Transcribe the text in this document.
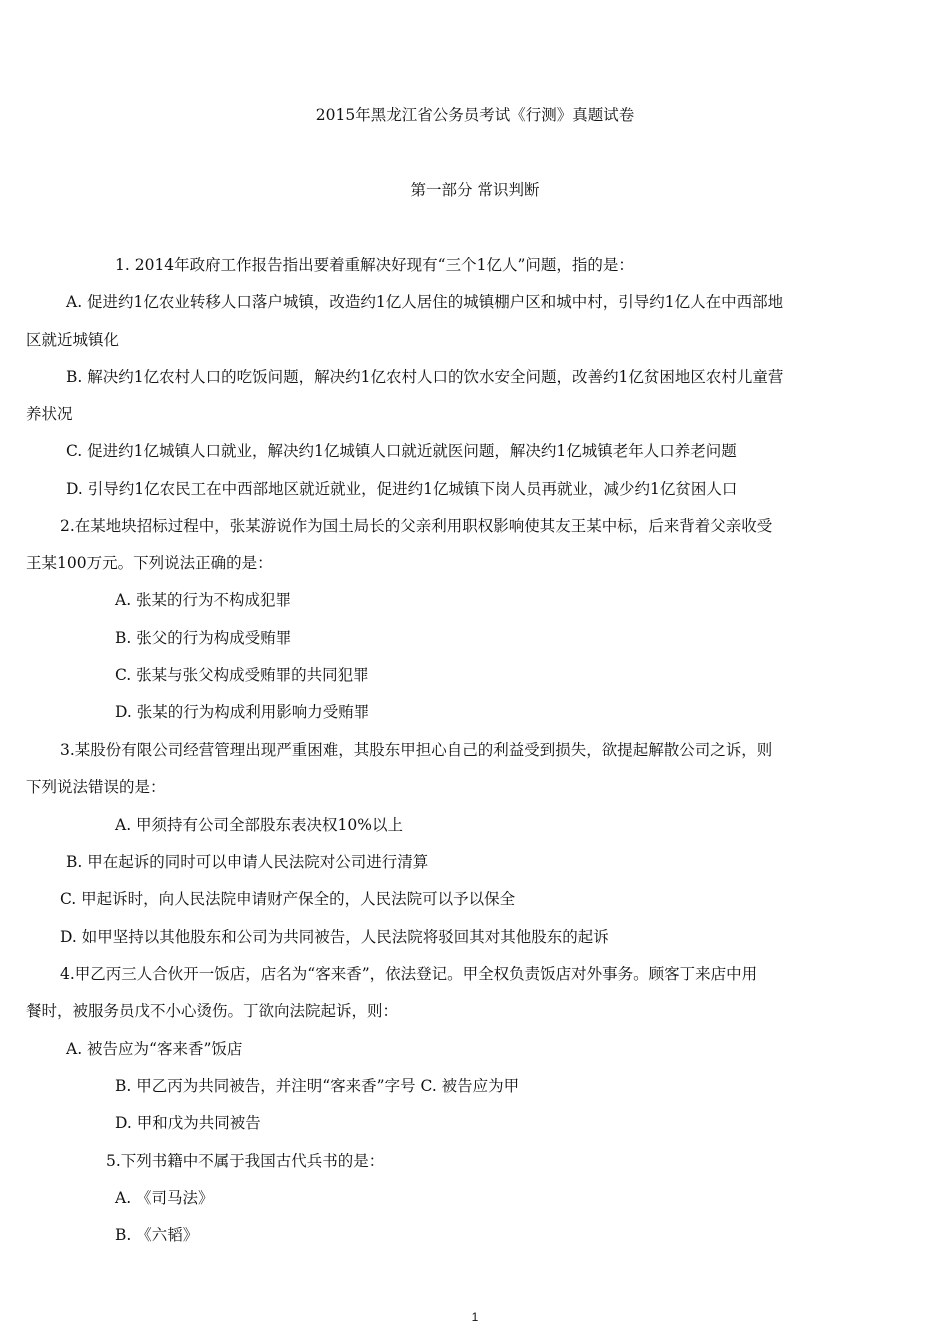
2015年黑龙江省公务员考试《行测》真题试卷
第一部分 常识判断
1. 2014年政府工作报告指出要着重解决好现有“三个1亿人”问题，指的是：
A. 促进约1亿农业转移人口落户城镇，改造约1亿人居住的城镇棚户区和城中村，引导约1亿人在中西部地
区就近城镇化
B. 解决约1亿农村人口的吃饭问题，解决约1亿农村人口的饮水安全问题，改善约1亿贫困地区农村儿童营
养状况
C. 促进约1亿城镇人口就业，解决约1亿城镇人口就近就医问题，解决约1亿城镇老年人口养老问题
D. 引导约1亿农民工在中西部地区就近就业，促进约1亿城镇下岗人员再就业，减少约1亿贫困人口
2.在某地块招标过程中，张某游说作为国土局长的父亲利用职权影响使其友王某中标，后来背着父亲收受
王某100万元。下列说法正确的是：
A. 张某的行为不构成犯罪
B. 张父的行为构成受贿罪
C. 张某与张父构成受贿罪的共同犯罪
D. 张某的行为构成利用影响力受贿罪
3.某股份有限公司经营管理出现严重困难，其股东甲担心自己的利益受到损失，欲提起解散公司之诉，则
下列说法错误的是：
A. 甲须持有公司全部股东表决权10%以上
B. 甲在起诉的同时可以申请人民法院对公司进行清算
C. 甲起诉时，向人民法院申请财产保全的，人民法院可以予以保全
D. 如甲坚持以其他股东和公司为共同被告，人民法院将驳回其对其他股东的起诉
4.甲乙丙三人合伙开一饭店，店名为“客来香”，依法登记。甲全权负责饭店对外事务。顾客丁来店中用
餐时，被服务员戊不小心烫伤。丁欲向法院起诉，则：
A. 被告应为“客来香”饭店
B. 甲乙丙为共同被告，并注明“客来香”字号 C. 被告应为甲
D. 甲和戊为共同被告
5.下列书籍中不属于我国古代兵书的是：
A. 《司马法》
B. 《六韬》
1
